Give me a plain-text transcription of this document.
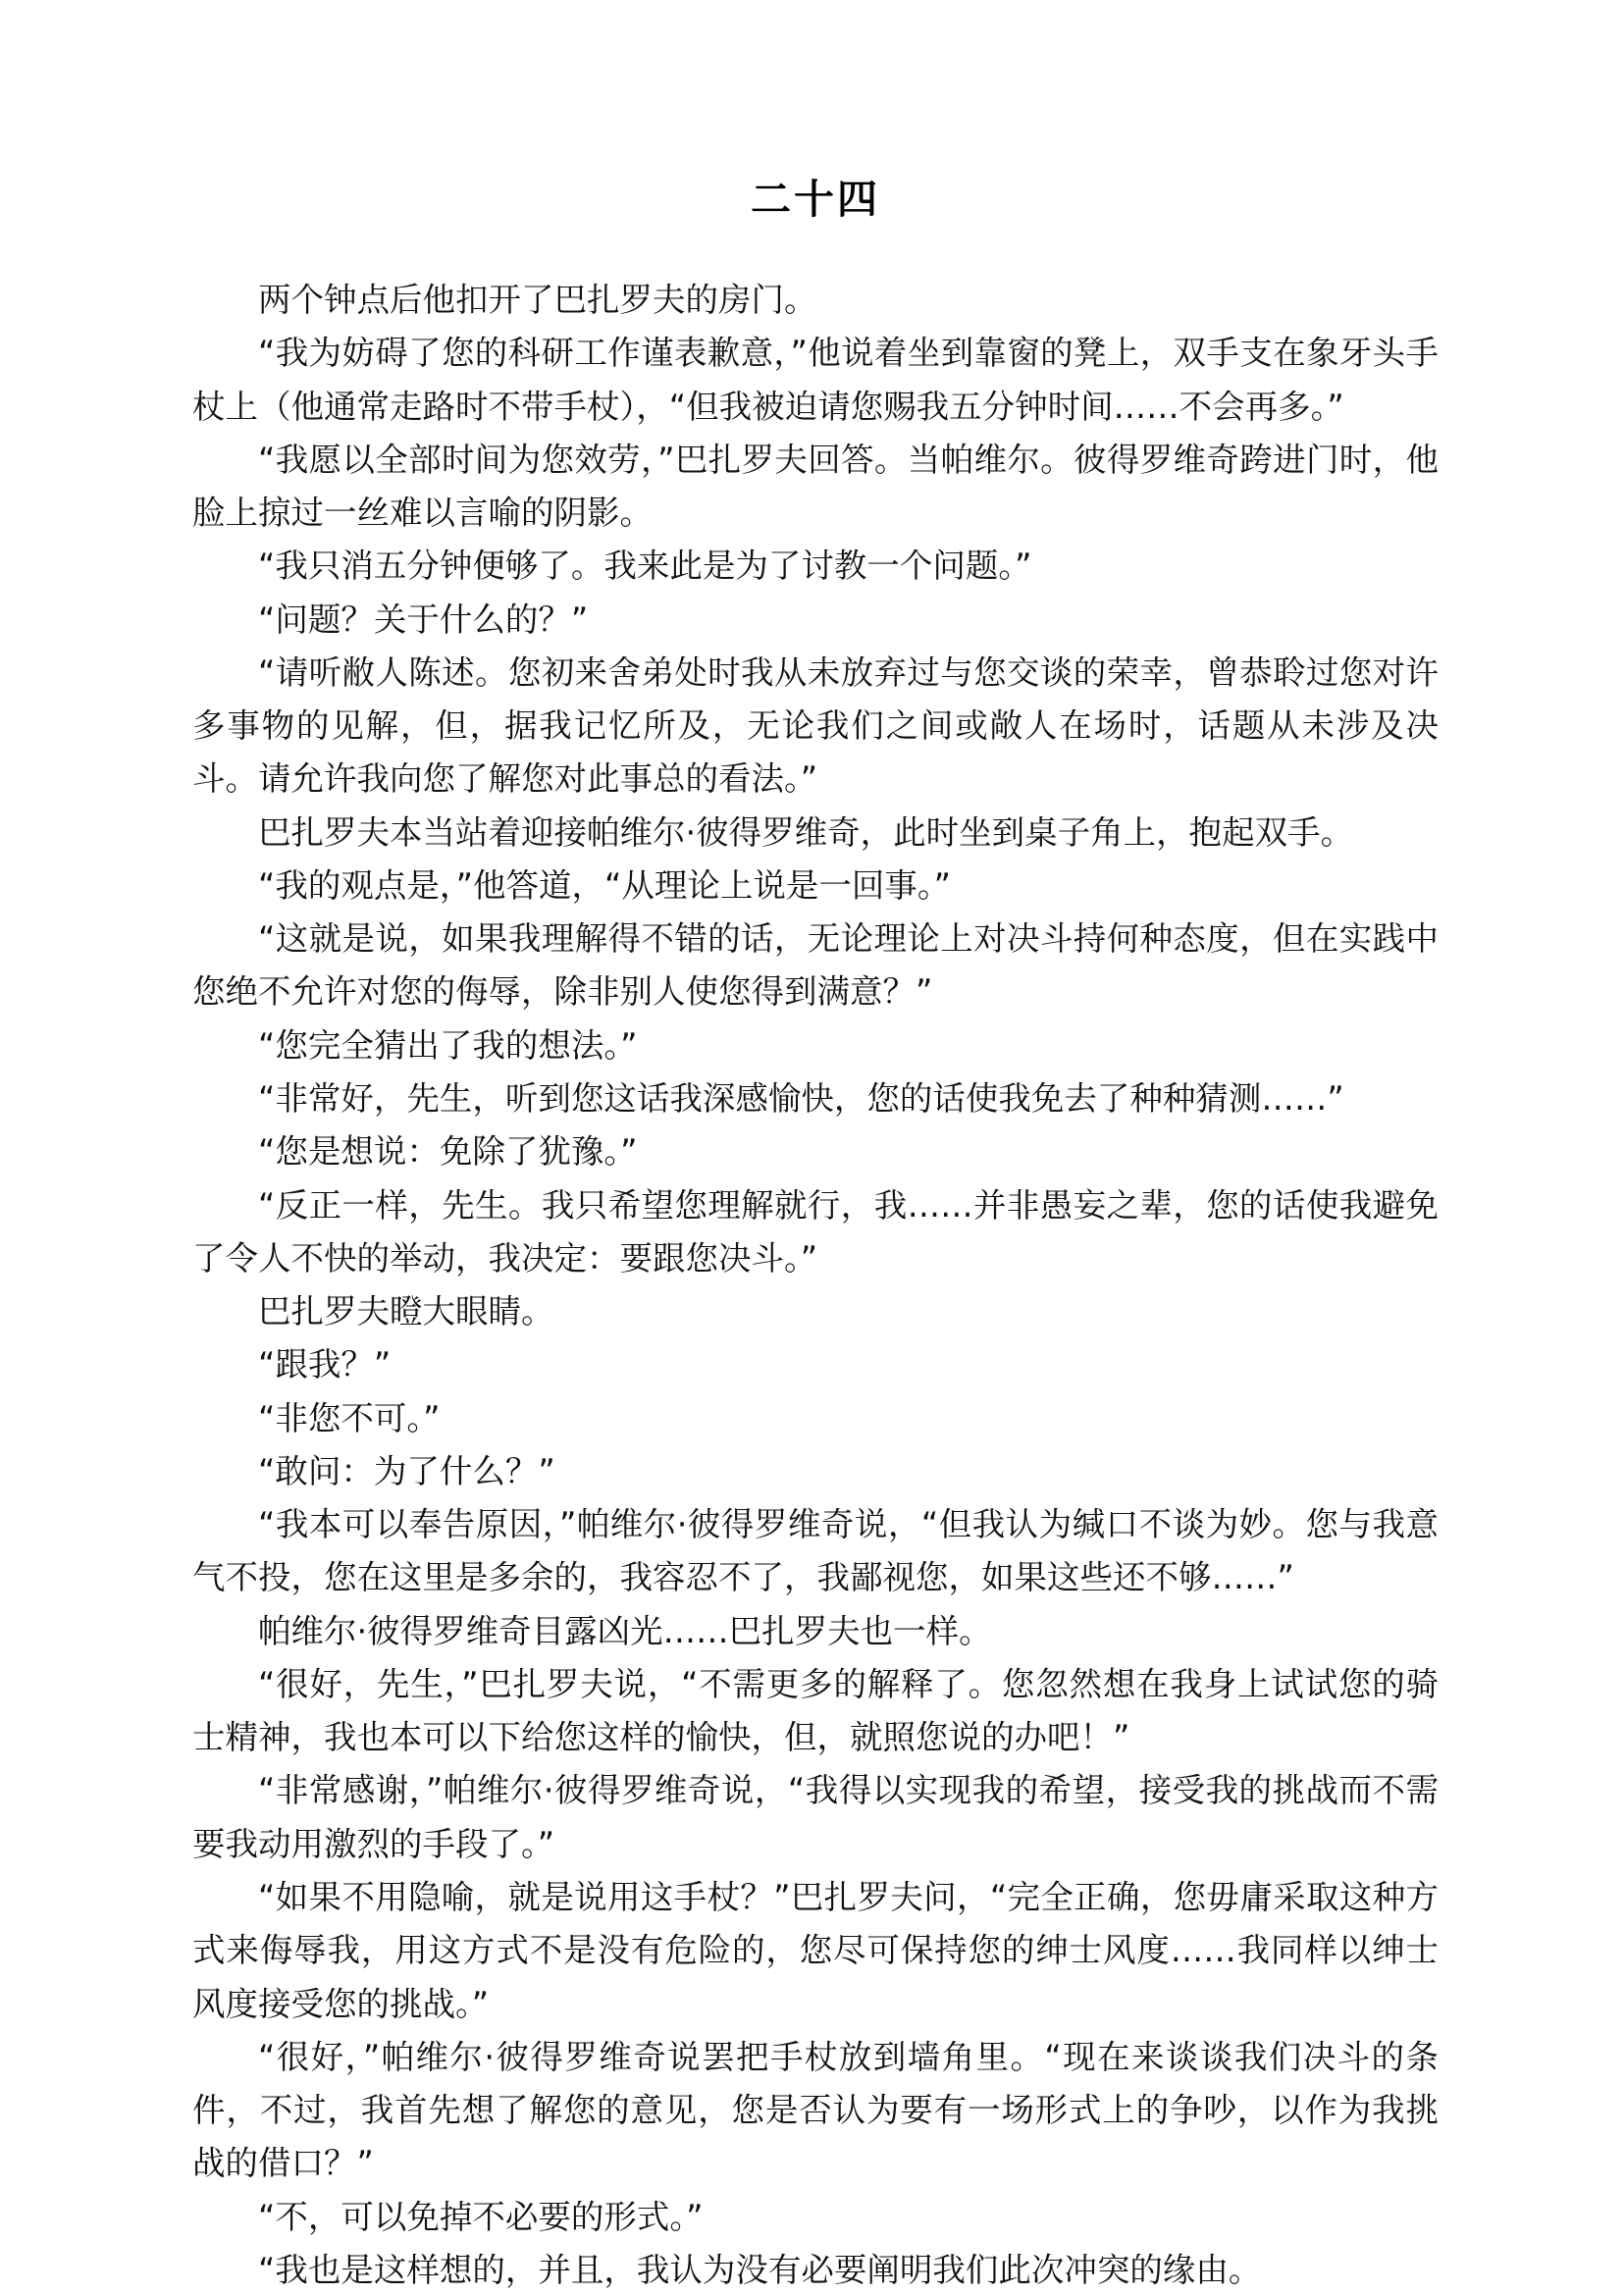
二十四

两个钟点后他扣开了巴扎罗夫的房门。

“我为妨碍了您的科研工作谨表歉意，”他说着坐到靠窗的凳上，双手支在象牙头手杖上（他通常走路时不带手杖），“但我被迫请您赐我五分钟时间……不会再多。”

“我愿以全部时间为您效劳，”巴扎罗夫回答。当帕维尔。彼得罗维奇跨进门时，他脸上掠过一丝难以言喻的阴影。

“我只消五分钟便够了。我来此是为了讨教一个问题。”

“问题？关于什么的？”

“请听敝人陈述。您初来舍弟处时我从未放弃过与您交谈的荣幸，曾恭聆过您对许多事物的见解，但，据我记忆所及，无论我们之间或敞人在场时，话题从未涉及决斗。请允许我向您了解您对此事总的看法。”

巴扎罗夫本当站着迎接帕维尔·彼得罗维奇，此时坐到桌子角上，抱起双手。

“我的观点是，”他答道，“从理论上说是一回事。”

“这就是说，如果我理解得不错的话，无论理论上对决斗持何种态度，但在实践中您绝不允许对您的侮辱，除非别人使您得到满意？”

“您完全猜出了我的想法。”

“非常好，先生，听到您这话我深感愉快，您的话使我免去了种种猜测……”

“您是想说：免除了犹豫。”

“反正一样，先生。我只希望您理解就行，我……并非愚妄之辈，您的话使我避免了令人不快的举动，我决定：要跟您决斗。”

巴扎罗夫瞪大眼睛。

“跟我？”

“非您不可。”

“敢问：为了什么？”

“我本可以奉告原因，”帕维尔·彼得罗维奇说，“但我认为缄口不谈为妙。您与我意气不投，您在这里是多余的，我容忍不了，我鄙视您，如果这些还不够……”

帕维尔·彼得罗维奇目露凶光……巴扎罗夫也一样。

“很好，先生，”巴扎罗夫说，“不需更多的解释了。您忽然想在我身上试试您的骑士精神，我也本可以下给您这样的愉快，但，就照您说的办吧！”

“非常感谢，”帕维尔·彼得罗维奇说，“我得以实现我的希望，接受我的挑战而不需要我动用激烈的手段了。”

“如果不用隐喻，就是说用这手杖？”巴扎罗夫问，“完全正确，您毋庸采取这种方式来侮辱我，用这方式不是没有危险的，您尽可保持您的绅士风度……我同样以绅士风度接受您的挑战。”

“很好，”帕维尔·彼得罗维奇说罢把手杖放到墙角里。“现在来谈谈我们决斗的条件，不过，我首先想了解您的意见，您是否认为要有一场形式上的争吵，以作为我挑战的借口？”

“不，可以免掉不必要的形式。”

“我也是这样想的，并且，我认为没有必要阐明我们此次冲突的缘由。
